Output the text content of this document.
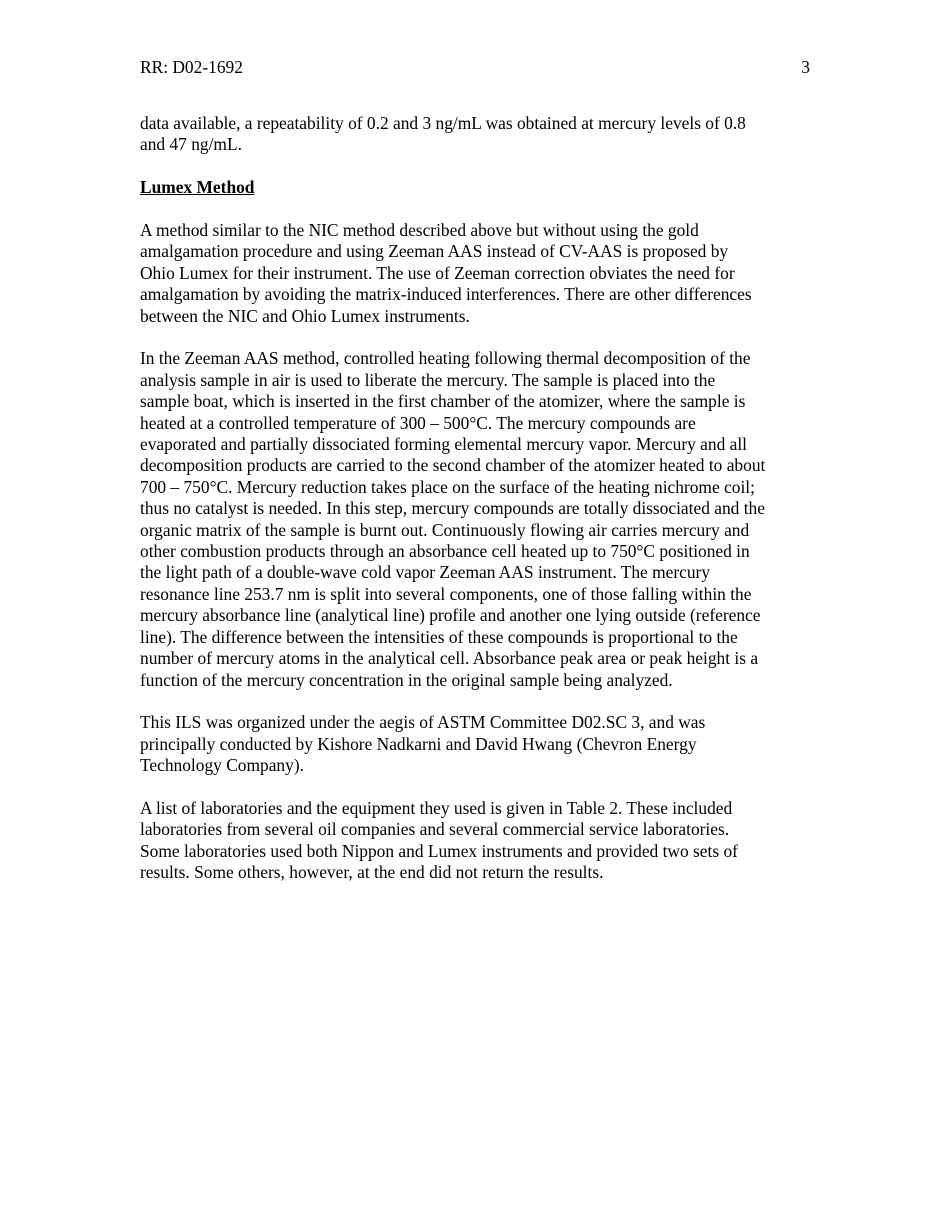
RR: D02-1692	3

data available, a repeatability of 0.2 and 3 ng/mL was obtained at mercury levels of 0.8
and 47 ng/mL.

Lumex Method

A method similar to the NIC method described above but without using the gold
amalgamation procedure and using Zeeman AAS instead of CV-AAS is proposed by
Ohio Lumex for their instrument. The use of Zeeman correction obviates the need for
amalgamation by avoiding the matrix-induced interferences. There are other differences
between the NIC and Ohio Lumex instruments.

In the Zeeman AAS method, controlled heating following thermal decomposition of the
analysis sample in air is used to liberate the mercury. The sample is placed into the
sample boat, which is inserted in the first chamber of the atomizer, where the sample is
heated at a controlled temperature of 300 – 500°C. The mercury compounds are
evaporated and partially dissociated forming elemental mercury vapor. Mercury and all
decomposition products are carried to the second chamber of the atomizer heated to about
700 – 750°C. Mercury reduction takes place on the surface of the heating nichrome coil;
thus no catalyst is needed. In this step, mercury compounds are totally dissociated and the
organic matrix of the sample is burnt out. Continuously flowing air carries mercury and
other combustion products through an absorbance cell heated up to 750°C positioned in
the light path of a double-wave cold vapor Zeeman AAS instrument. The mercury
resonance line 253.7 nm is split into several components, one of those falling within the
mercury absorbance line (analytical line) profile and another one lying outside (reference
line). The difference between the intensities of these compounds is proportional to the
number of mercury atoms in the analytical cell. Absorbance peak area or peak height is a
function of the mercury concentration in the original sample being analyzed.

This ILS was organized under the aegis of ASTM Committee D02.SC 3, and was
principally conducted by Kishore Nadkarni and David Hwang (Chevron Energy
Technology Company).

A list of laboratories and the equipment they used is given in Table 2. These included
laboratories from several oil companies and several commercial service laboratories.
Some laboratories used both Nippon and Lumex instruments and provided two sets of
results. Some others, however, at the end did not return the results.
